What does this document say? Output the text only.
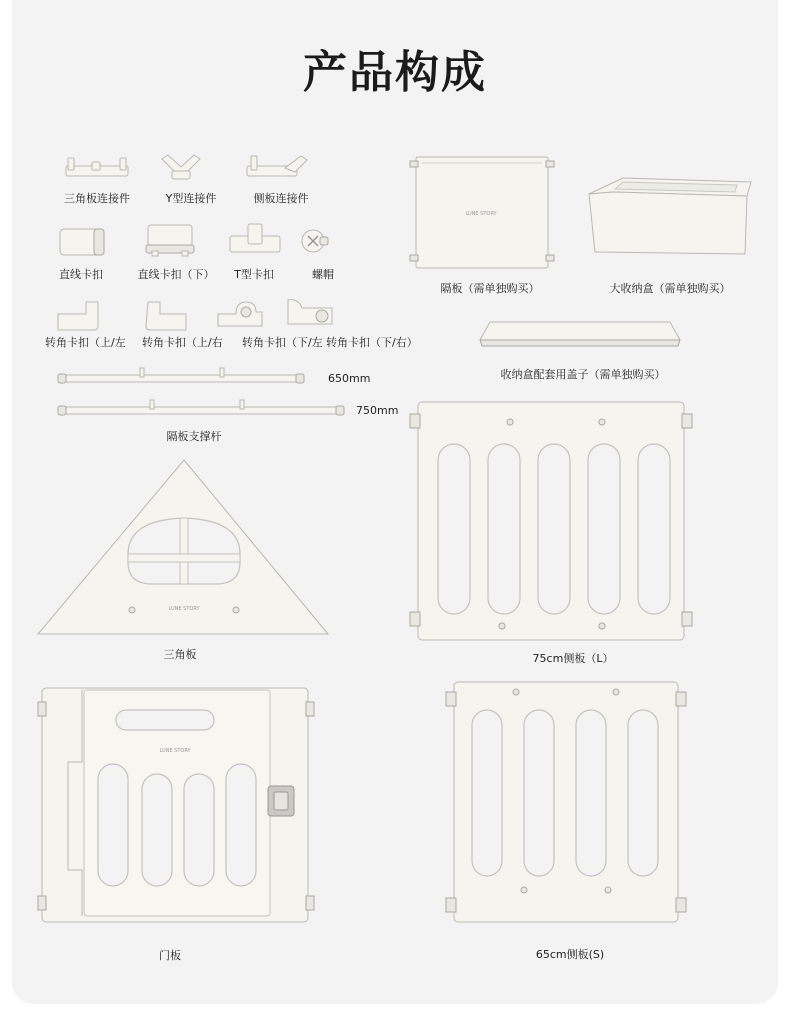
产品构成
三角板连接件	Y型连接件	侧板连接件
直线卡扣	直线卡扣（下） T型卡扣	螺帽
转角卡扣（上/左 转角卡扣（上/右 转角卡扣（下/左 转角卡扣（下/右）
650mm
750mm
隔板支撑杆
LUNE STORY
隔板（需单独购买）	大收纳盒（需单独购买）
收纳盒配套用盖子（需单独购买）
LUNE STORY
三角板	75cm侧板（L）
LUNE STORY
门板	65cm侧板(S)
